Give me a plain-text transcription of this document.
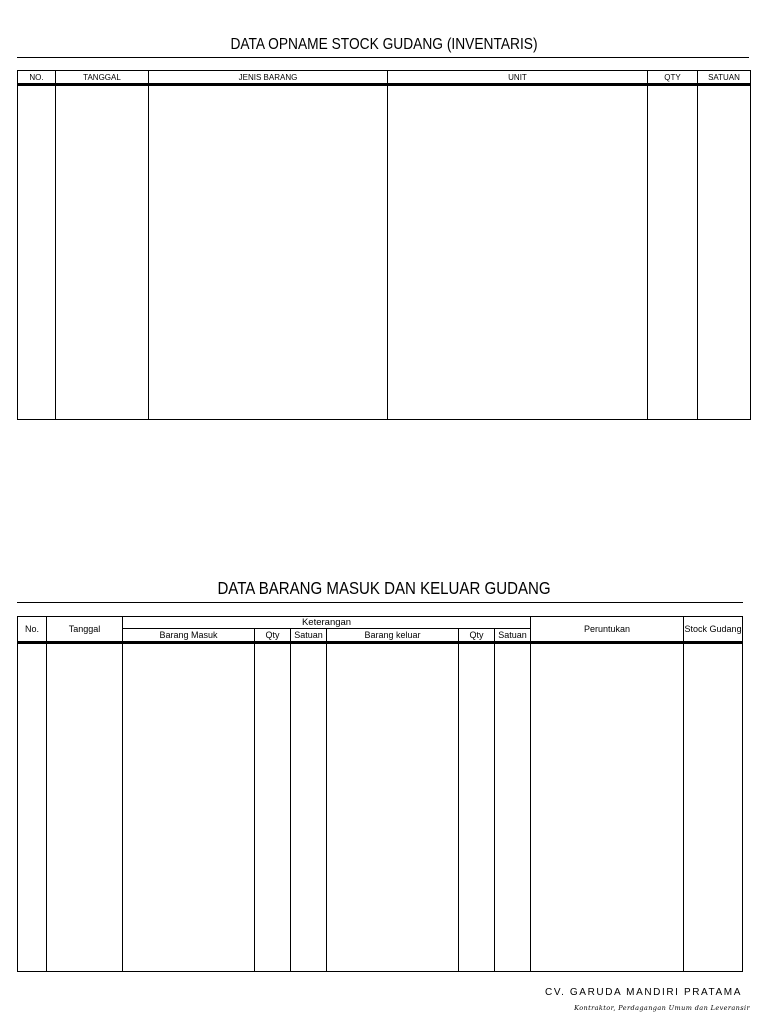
DATA OPNAME STOCK GUDANG (INVENTARIS)
NO.	TANGGAL	JENIS BARANG	UNIT	QTY	SATUAN

DATA BARANG MASUK DAN KELUAR GUDANG
No.	Tanggal	Keterangan						Peruntukan	Stock Gudang
		Barang Masuk	Qty	Satuan	Barang keluar	Qty	Satuan		

CV. GARUDA MANDIRI PRATAMA
Kontraktor, Perdagangan Umum dan Leveransir
